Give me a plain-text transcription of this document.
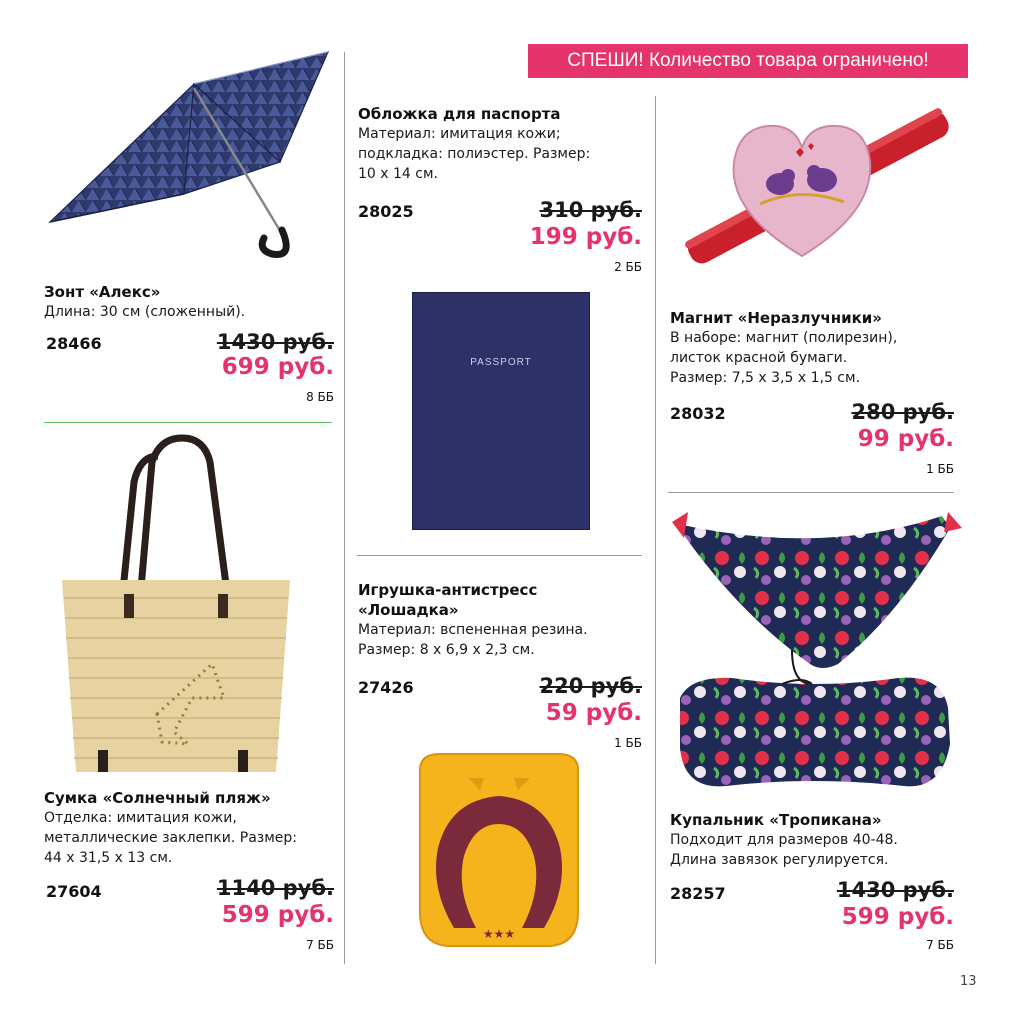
СПЕШИ! Количество товара ограничено!
Зонт «Алекс»
Длина: 30 см (сложенный).
28466	1430 руб.
699 руб.
8 ББ
Сумка «Солнечный пляж»
Отделка: имитация кожи,
металлические заклепки. Размер:
44 х 31,5 х 13 см.
27604	1140 руб.
599 руб.
7 ББ
Обложка для паспорта
Материал: имитация кожи;
подкладка: полиэстер. Размер:
10 х 14 см.
28025	310 руб.
199 руб.
2 ББ
PASSPORT
Игрушка-антистресс
«Лошадка»
Материал: вспененная резина.
Размер: 8 х 6,9 х 2,3 см.
27426	220 руб.
59 руб.
1 ББ
★★★
Магнит «Неразлучники»
В наборе: магнит (полирезин),
листок красной бумаги.
Размер: 7,5 х 3,5 х 1,5 см.
28032	280 руб.
99 руб.
1 ББ
Купальник «Тропикана»
Подходит для размеров 40-48.
Длина завязок регулируется.
28257	1430 руб.
599 руб.
7 ББ
13
